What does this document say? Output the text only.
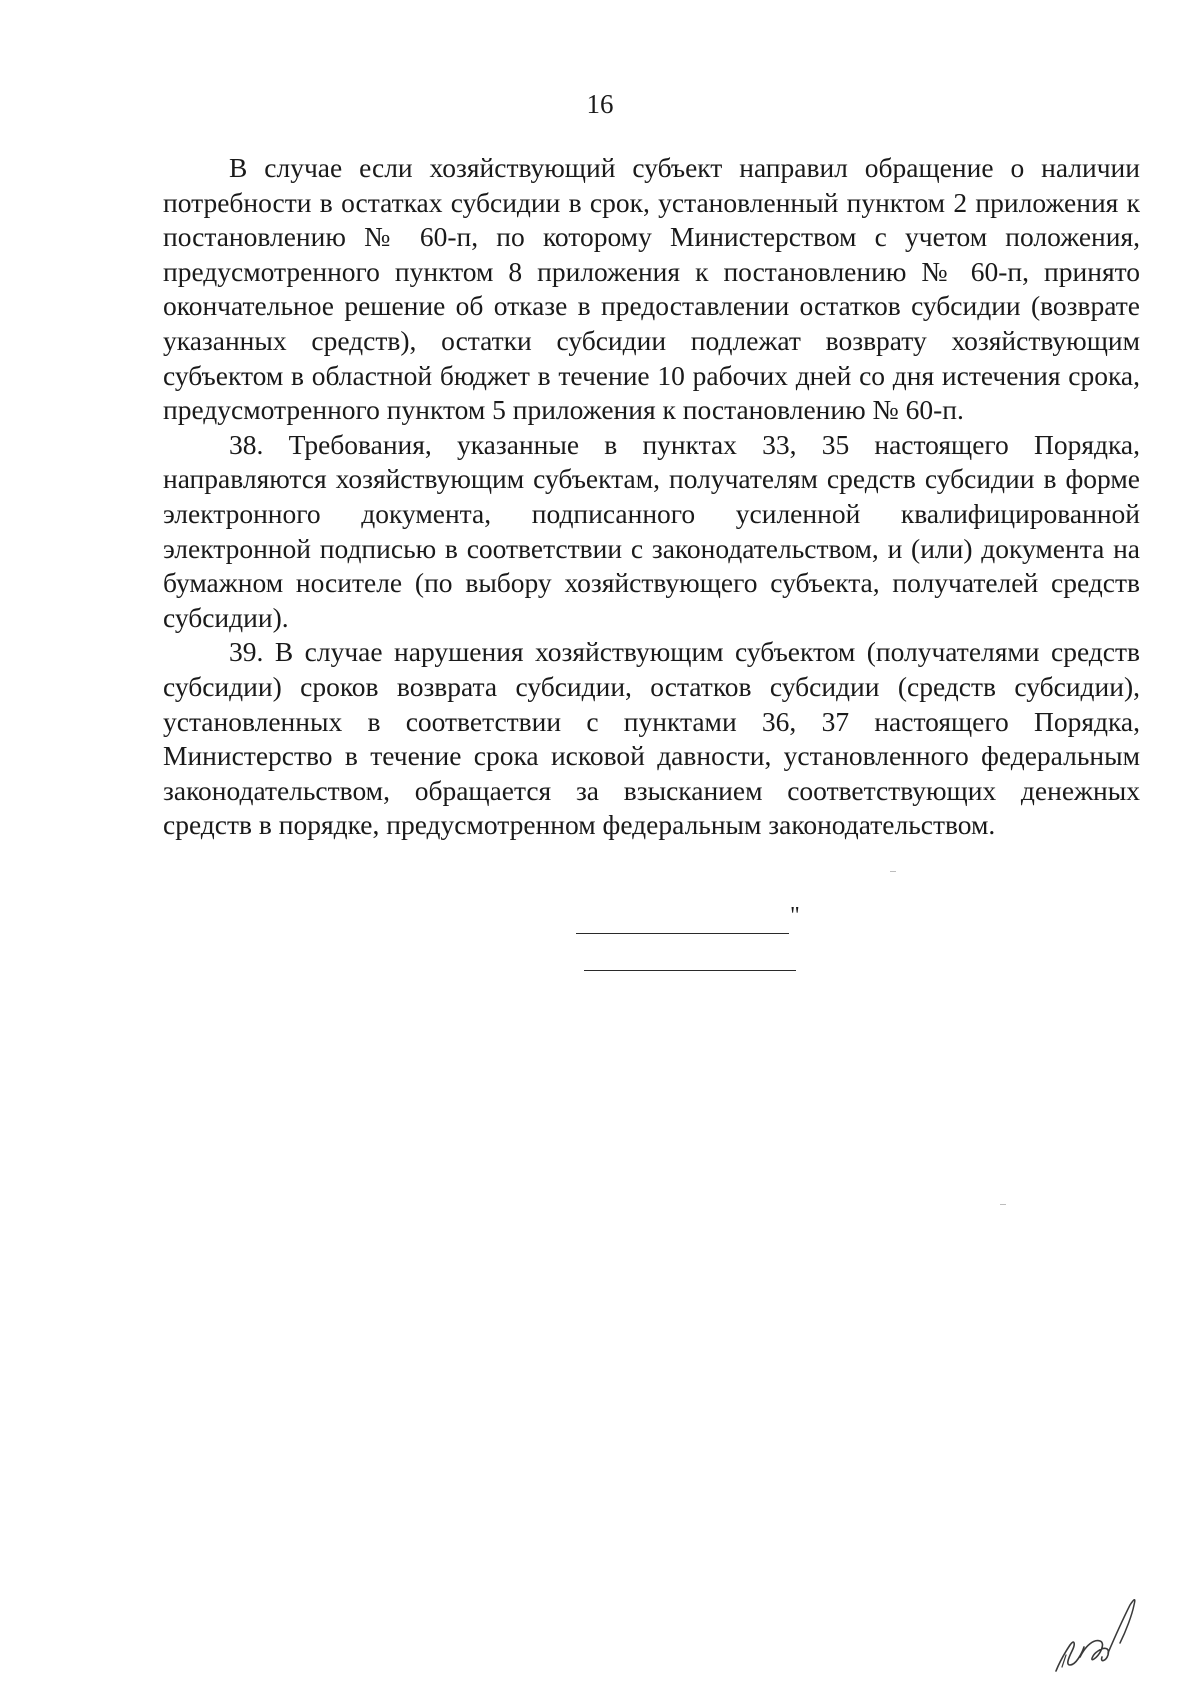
16

В случае если хозяйствующий субъект направил обращение о наличии потребности в остатках субсидии в срок, установленный пунктом 2 приложения к постановлению № 60-п, по которому Министерством с учетом положения, предусмотренного пунктом 8 приложения к постановлению № 60-п, принято окончательное решение об отказе в предоставлении остатков субсидии (возврате указанных средств), остатки субсидии подлежат возврату хозяйствующим субъектом в областной бюджет в течение 10 рабочих дней со дня истечения срока, предусмотренного пунктом 5 приложения к постановлению № 60-п.

38. Требования, указанные в пунктах 33, 35 настоящего Порядка, направляются хозяйствующим субъектам, получателям средств субсидии в форме электронного документа, подписанного усиленной квалифицированной электронной подписью в соответствии с законодательством, и (или) документа на бумажном носителе (по выбору хозяйствующего субъекта, получателей средств субсидии).

39. В случае нарушения хозяйствующим субъектом (получателями средств субсидии) сроков возврата субсидии, остатков субсидии (средств субсидии), установленных в соответствии с пунктами 36, 37 настоящего Порядка, Министерство в течение срока исковой давности, установленного федеральным законодательством, обращается за взысканием соответствующих денежных средств в порядке, предусмотренном федеральным законодательством.

"
